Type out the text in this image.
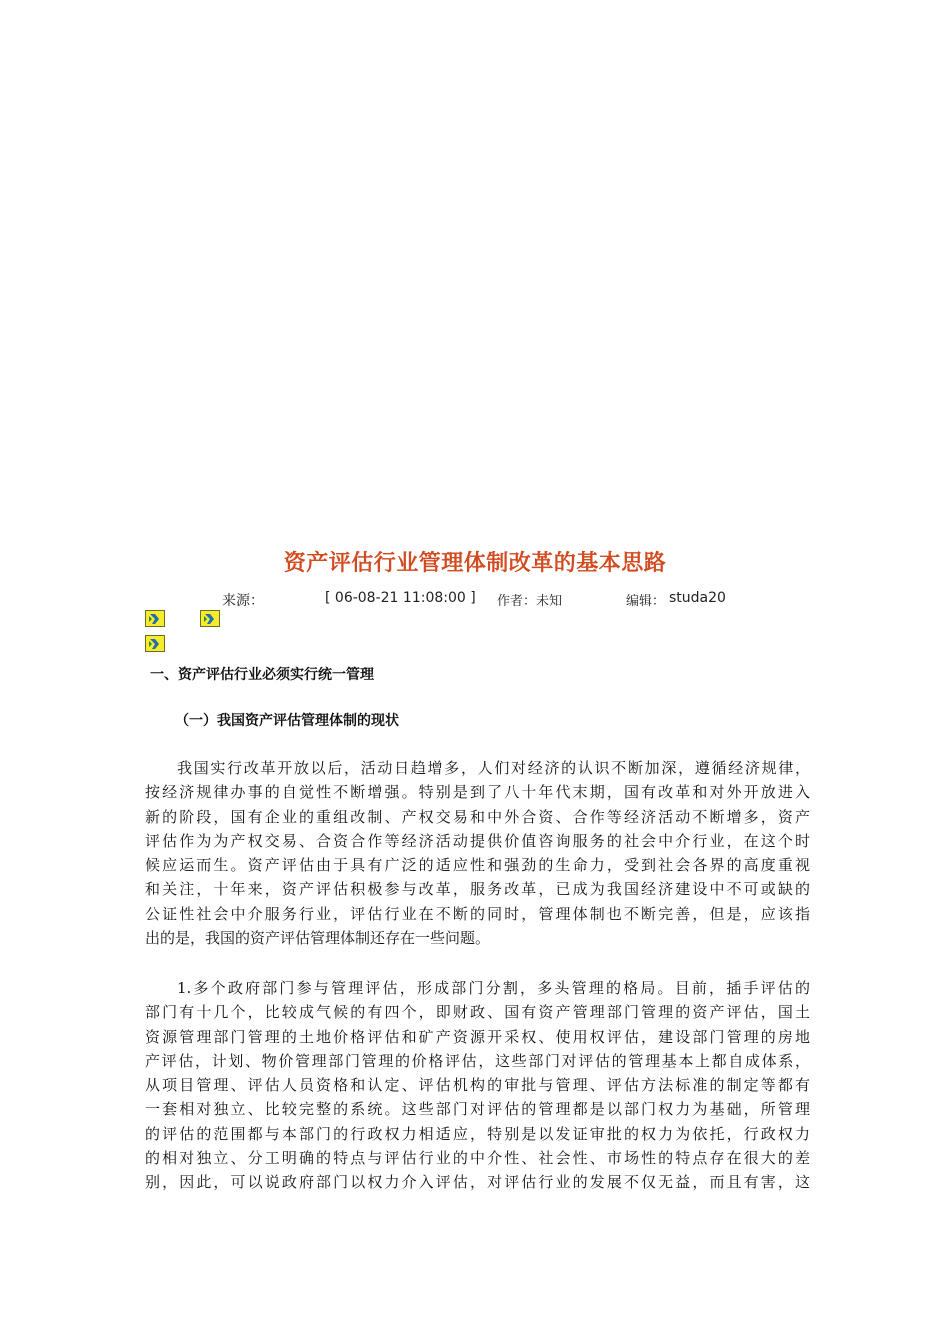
资产评估行业管理体制改革的基本思路
来源：	[ 06-08-21 11:08:00 ] 作者：未知	编辑： studa20
一、资产评估行业必须实行统一管理
（一）我国资产评估管理体制的现状
我国实行改革开放以后，活动日趋增多，人们对经济的认识不断加深，遵循经济规律，
按经济规律办事的自觉性不断增强。特别是到了八十年代末期，国有改革和对外开放进入
新的阶段，国有企业的重组改制、产权交易和中外合资、合作等经济活动不断增多，资产
评估作为为产权交易、合资合作等经济活动提供价值咨询服务的社会中介行业，在这个时
候应运而生。资产评估由于具有广泛的适应性和强劲的生命力，受到社会各界的高度重视
和关注，十年来，资产评估积极参与改革，服务改革，已成为我国经济建设中不可或缺的
公证性社会中介服务行业，评估行业在不断的同时，管理体制也不断完善，但是，应该指
出的是，我国的资产评估管理体制还存在一些问题。
1.多个政府部门参与管理评估，形成部门分割，多头管理的格局。目前，插手评估的
部门有十几个，比较成气候的有四个，即财政、国有资产管理部门管理的资产评估，国土
资源管理部门管理的土地价格评估和矿产资源开采权、使用权评估，建设部门管理的房地
产评估，计划、物价管理部门管理的价格评估，这些部门对评估的管理基本上都自成体系，
从项目管理、评估人员资格和认定、评估机构的审批与管理、评估方法标准的制定等都有
一套相对独立、比较完整的系统。这些部门对评估的管理都是以部门权力为基础，所管理
的评估的范围都与本部门的行政权力相适应，特别是以发证审批的权力为依托，行政权力
的相对独立、分工明确的特点与评估行业的中介性、社会性、市场性的特点存在很大的差
别，因此，可以说政府部门以权力介入评估，对评估行业的发展不仅无益，而且有害，这
